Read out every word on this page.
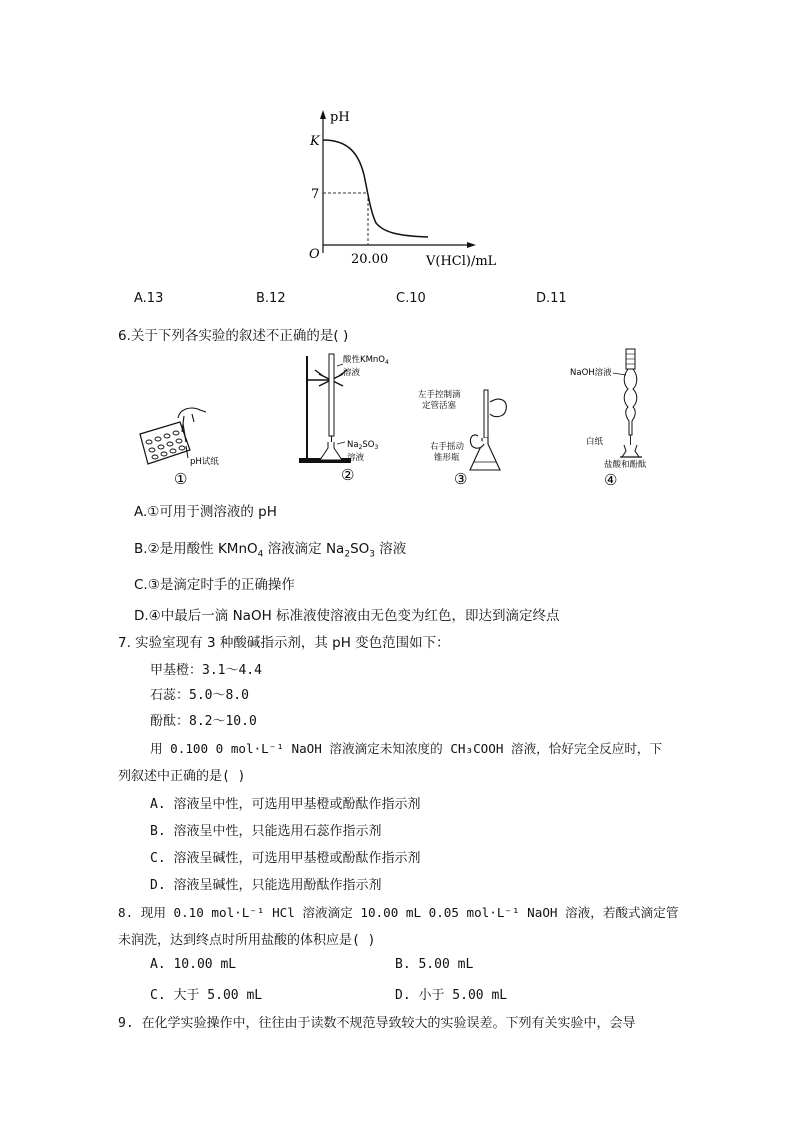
pH
K
7
O 20.00	V(HCl)/mL
A.13	B.12	C.10	D.11
6.关于下列各实验的叙述不正确的是( )
pH试纸
①
酸性KMnO$_4$
溶液
$Na_2SO_3$
溶液
②
左手控制滴
定管活塞
右手摇动
锥形瓶
③
NaOH溶液
白纸
盐酸和酚酞
④
A.①可用于测溶液的 pH
B.②是用酸性 KMnO$_4$ 溶液滴定 $Na_2SO_3$ 溶液
C.③是滴定时手的正确操作
D.④中最后一滴 NaOH 标准液使溶液由无色变为红色，即达到滴定终点
7. 实验室现有 3 种酸碱指示剂，其 pH 变色范围如下：
甲基橙：3.1～4.4
石蕊：5.0～8.0
酚酞：8.2～10.0
用 0.100 0 mol·L⁻¹ NaOH 溶液滴定未知浓度的 CH₃COOH 溶液，恰好完全反应时，下
列叙述中正确的是( )
A. 溶液呈中性，可选用甲基橙或酚酞作指示剂
B. 溶液呈中性，只能选用石蕊作指示剂
C. 溶液呈碱性，可选用甲基橙或酚酞作指示剂
D. 溶液呈碱性，只能选用酚酞作指示剂
8. 现用 0.10 mol·L⁻¹ HCl 溶液滴定 10.00 mL 0.05 mol·L⁻¹ NaOH 溶液，若酸式滴定管
未润洗，达到终点时所用盐酸的体积应是( )
A. 10.00 mL	B. 5.00 mL
C. 大于 5.00 mL	D. 小于 5.00 mL
9. 在化学实验操作中，往往由于读数不规范导致较大的实验误差。下列有关实验中，会导
